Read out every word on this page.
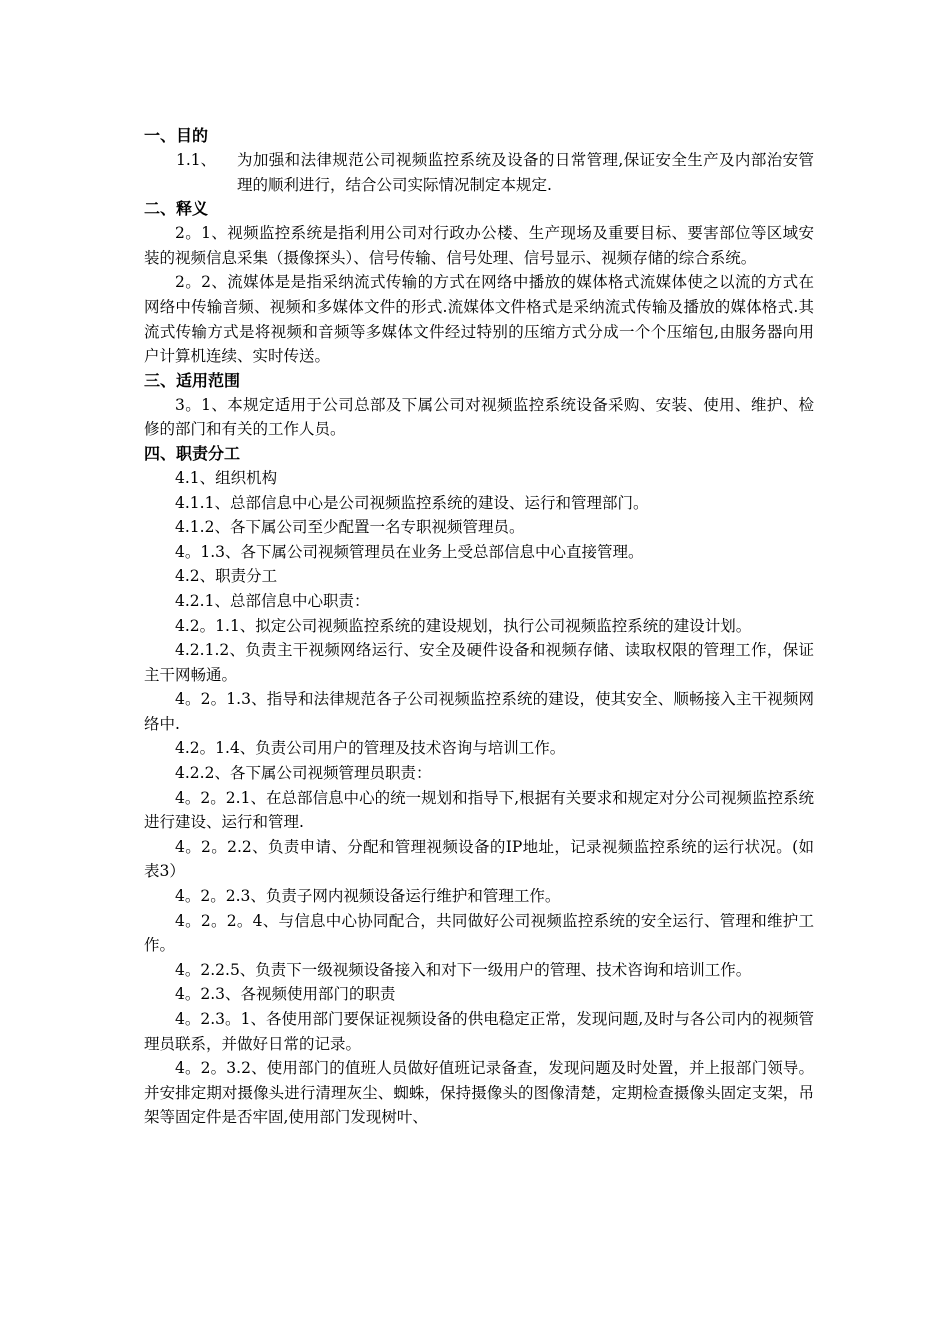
一、目的
1.1、	为加强和法律规范公司视频监控系统及设备的日常管理,保证安全生产及内部治安管理的顺利进行，结合公司实际情况制定本规定.
二、释义

2。1、视频监控系统是指利用公司对行政办公楼、生产现场及重要目标、要害部位等区域安装的视频信息采集（摄像探头）、信号传输、信号处理、信号显示、视频存储的综合系统。

2。2、流媒体是是指采纳流式传输的方式在网络中播放的媒体格式流媒体使之以流的方式在网络中传输音频、视频和多媒体文件的形式.流媒体文件格式是采纳流式传输及播放的媒体格式.其流式传输方式是将视频和音频等多媒体文件经过特别的压缩方式分成一个个压缩包,由服务器向用户计算机连续、实时传送。

三、适用范围

3。1、本规定适用于公司总部及下属公司对视频监控系统设备采购、安装、使用、维护、检修的部门和有关的工作人员。

四、职责分工

4.1、组织机构

4.1.1、总部信息中心是公司视频监控系统的建设、运行和管理部门。

4.1.2、各下属公司至少配置一名专职视频管理员。

4。1.3、各下属公司视频管理员在业务上受总部信息中心直接管理。

4.2、职责分工

4.2.1、总部信息中心职责：

4.2。1.1、拟定公司视频监控系统的建设规划，执行公司视频监控系统的建设计划。

4.2.1.2、负责主干视频网络运行、安全及硬件设备和视频存储、读取权限的管理工作，保证主干网畅通。

4。2。1.3、指导和法律规范各子公司视频监控系统的建设，使其安全、顺畅接入主干视频网络中.

4.2。1.4、负责公司用户的管理及技术咨询与培训工作。

4.2.2、各下属公司视频管理员职责：

4。2。2.1、在总部信息中心的统一规划和指导下,根据有关要求和规定对分公司视频监控系统进行建设、运行和管理.

4。2。2.2、负责申请、分配和管理视频设备的IP地址，记录视频监控系统的运行状况。(如表3）

4。2。2.3、负责子网内视频设备运行维护和管理工作。

4。2。2。4、与信息中心协同配合，共同做好公司视频监控系统的安全运行、管理和维护工作。

4。2.2.5、负责下一级视频设备接入和对下一级用户的管理、技术咨询和培训工作。

4。2.3、各视频使用部门的职责

4。2.3。1、各使用部门要保证视频设备的供电稳定正常，发现问题,及时与各公司内的视频管理员联系，并做好日常的记录。

4。2。3.2、使用部门的值班人员做好值班记录备查，发现问题及时处置，并上报部门领导。并安排定期对摄像头进行清理灰尘、蜘蛛，保持摄像头的图像清楚，定期检查摄像头固定支架，吊架等固定件是否牢固,使用部门发现树叶、
